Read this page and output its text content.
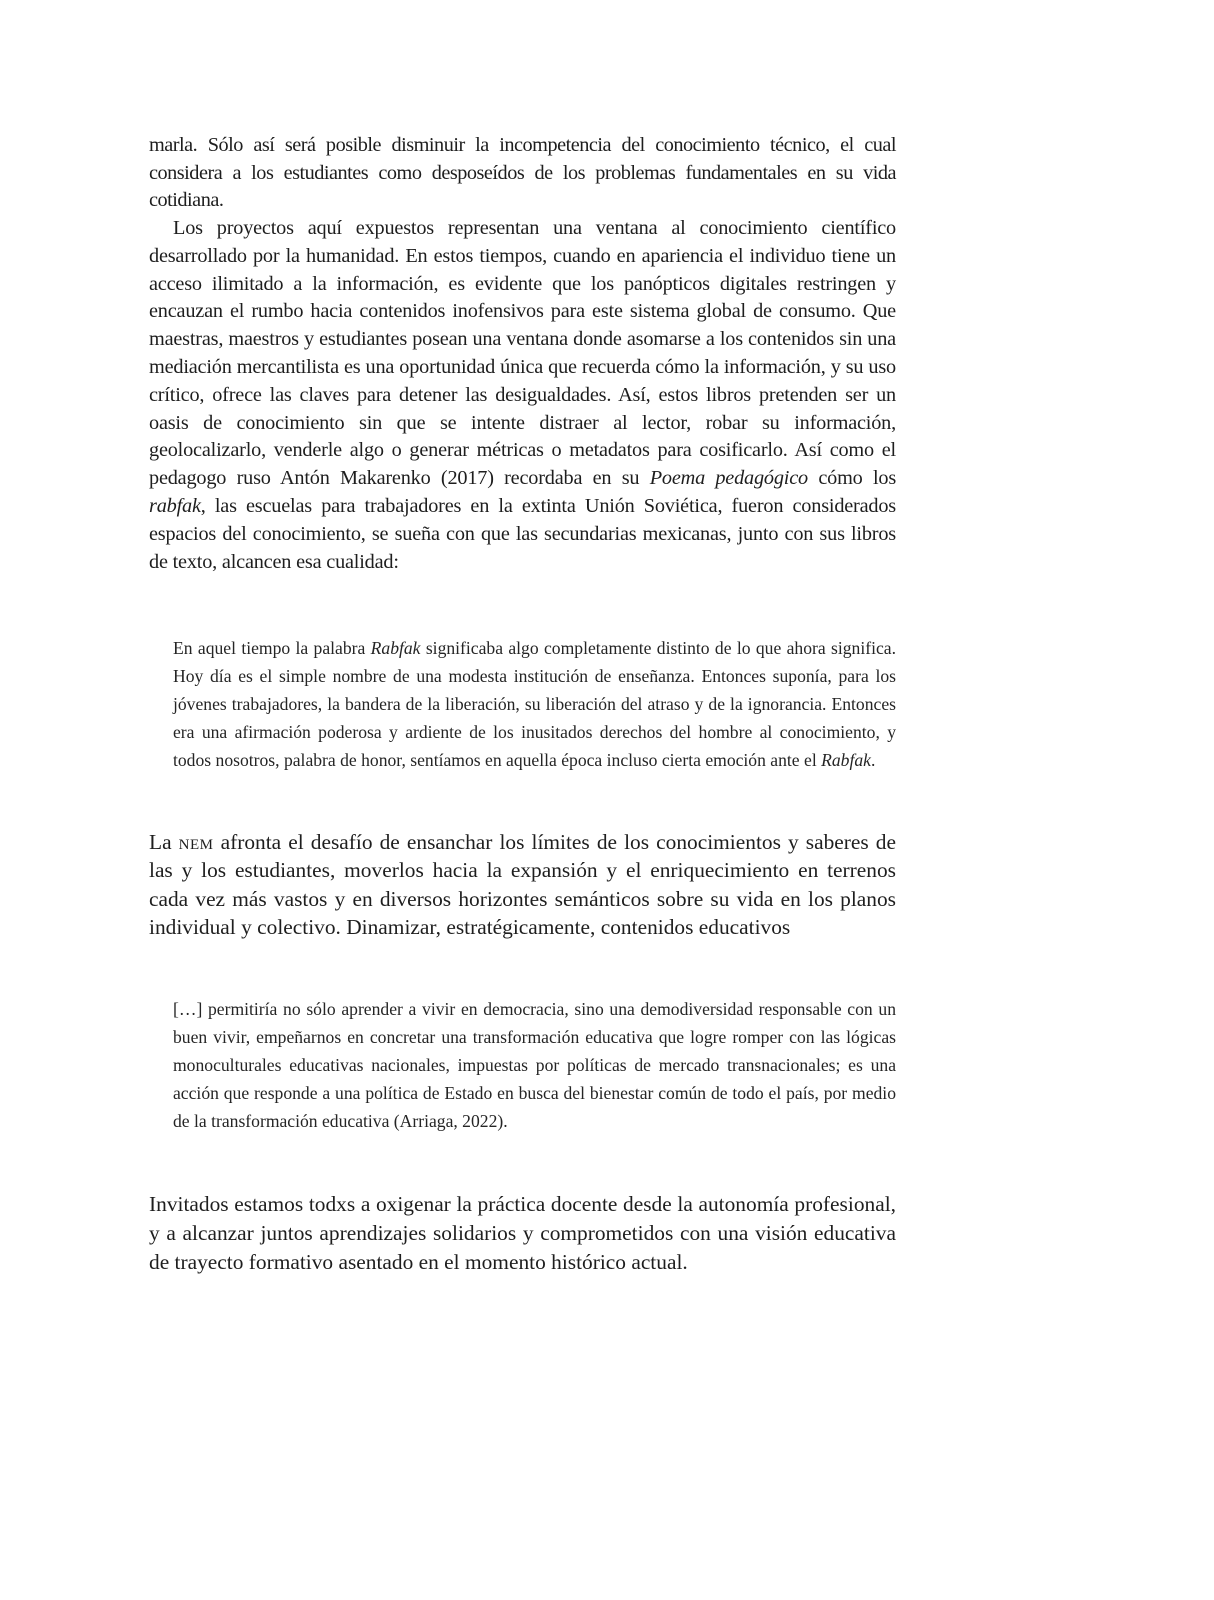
marla. Sólo así será posible disminuir la incompetencia del conocimiento técnico, el cual considera a los estudiantes como desposeídos de los problemas fundamentales en su vida cotidiana.

Los proyectos aquí expuestos representan una ventana al conocimiento científico desarrollado por la humanidad. En estos tiempos, cuando en apariencia el individuo tiene un acceso ilimitado a la información, es evidente que los panópticos digitales restringen y encauzan el rumbo hacia contenidos inofensivos para este sistema global de consumo. Que maestras, maestros y estudiantes posean una ventana donde asomarse a los contenidos sin una mediación mercantilista es una oportunidad única que recuerda cómo la información, y su uso crítico, ofrece las claves para detener las desigualdades. Así, estos libros pretenden ser un oasis de conocimiento sin que se intente distraer al lector, robar su información, geolocalizarlo, venderle algo o generar métricas o metadatos para cosificarlo. Así como el pedagogo ruso Antón Makarenko (2017) recordaba en su Poema pedagógico cómo los rabfak, las escuelas para trabajadores en la extinta Unión Soviética, fueron considerados espacios del conocimiento, se sueña con que las secundarias mexicanas, junto con sus libros de texto, alcancen esa cualidad:

En aquel tiempo la palabra Rabfak significaba algo completamente distinto de lo que ahora significa. Hoy día es el simple nombre de una modesta institución de enseñanza. Entonces suponía, para los jóvenes trabajadores, la bandera de la liberación, su liberación del atraso y de la ignorancia. Entonces era una afirmación poderosa y ardiente de los inusitados derechos del hombre al conocimiento, y todos nosotros, palabra de honor, sentíamos en aquella época incluso cierta emoción ante el Rabfak.

La nem afronta el desafío de ensanchar los límites de los conocimientos y saberes de las y los estudiantes, moverlos hacia la expansión y el enriquecimiento en terrenos cada vez más vastos y en diversos horizontes semánticos sobre su vida en los planos individual y colectivo. Dinamizar, estratégicamente, contenidos educativos

[…] permitiría no sólo aprender a vivir en democracia, sino una demodiversidad responsable con un buen vivir, empeñarnos en concretar una transformación educativa que logre romper con las lógicas monoculturales educativas nacionales, impuestas por políticas de mercado transnacionales; es una acción que responde a una política de Estado en busca del bienestar común de todo el país, por medio de la transformación educativa (Arriaga, 2022).

Invitados estamos todxs a oxigenar la práctica docente desde la autonomía profesional, y a alcanzar juntos aprendizajes solidarios y comprometidos con una visión educativa de trayecto formativo asentado en el momento histórico actual.
